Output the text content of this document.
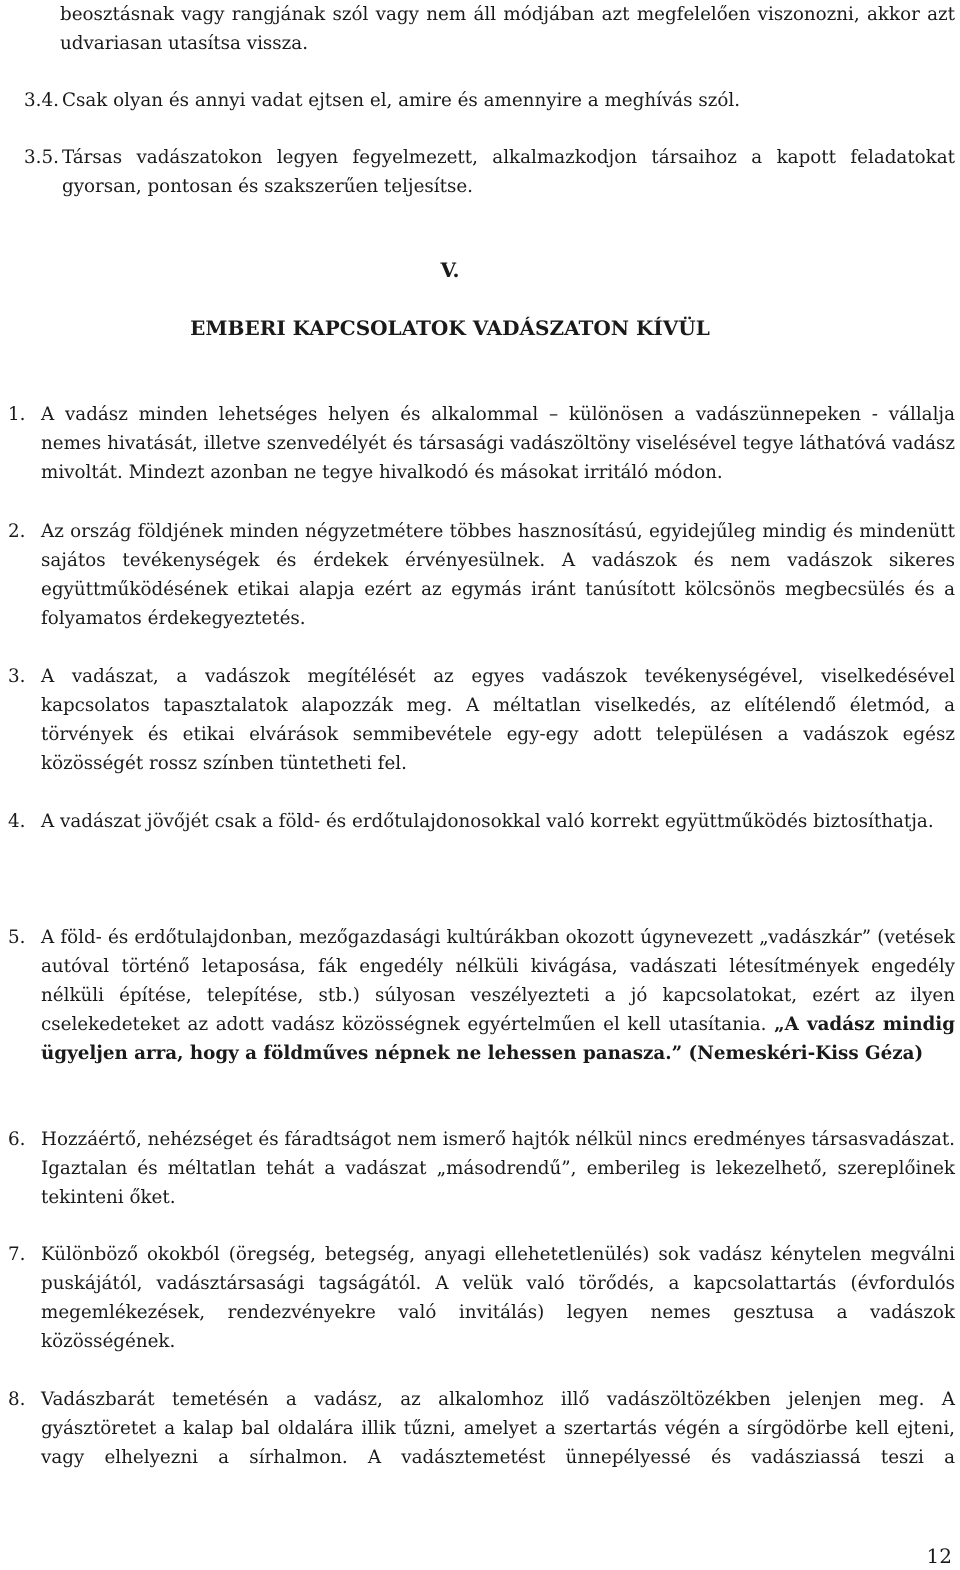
beosztásnak vagy rangjának szól vagy nem áll módjában azt megfelelően viszonozni, akkor azt udvariasan utasítsa vissza.

3.4. Csak olyan és annyi vadat ejtsen el, amire és amennyire a meghívás szól.

3.5. Társas vadászatokon legyen fegyelmezett, alkalmazkodjon társaihoz a kapott feladatokat gyorsan, pontosan és szakszerűen teljesítse.

V.
EMBERI KAPCSOLATOK VADÁSZATON KÍVÜL

1. A vadász minden lehetséges helyen és alkalommal – különösen a vadászünnepeken - vállalja nemes hivatását, illetve szenvedélyét és társasági vadászöltöny viselésével tegye láthatóvá vadász mivoltát. Mindezt azonban ne tegye hivalkodó és másokat irritáló módon.

2. Az ország földjének minden négyzetmétere többes hasznosítású, egyidejűleg mindig és mindenütt sajátos tevékenységek és érdekek érvényesülnek. A vadászok és nem vadászok sikeres együttműködésének etikai alapja ezért az egymás iránt tanúsított kölcsönös megbecsülés és a folyamatos érdekegyeztetés.

3. A vadászat, a vadászok megítélését az egyes vadászok tevékenységével, viselkedésével kapcsolatos tapasztalatok alapozzák meg. A méltatlan viselkedés, az elítélendő életmód, a törvények és etikai elvárások semmibevétele egy-egy adott településen a vadászok egész közösségét rossz színben tüntetheti fel.

4. A vadászat jövőjét csak a föld- és erdőtulajdonosokkal való korrekt együttműködés biztosíthatja.

5. A föld- és erdőtulajdonban, mezőgazdasági kultúrákban okozott úgynevezett „vadászkár” (vetések autóval történő letaposása, fák engedély nélküli kivágása, vadászati létesítmények engedély nélküli építése, telepítése, stb.) súlyosan veszélyezteti a jó kapcsolatokat, ezért az ilyen cselekedeteket az adott vadász közösségnek egyértelműen el kell utasítania. „A vadász mindig ügyeljen arra, hogy a földműves népnek ne lehessen panasza.” (Nemeskéri-Kiss Géza)

6. Hozzáértő, nehézséget és fáradtságot nem ismerő hajtók nélkül nincs eredményes társasvadászat. Igaztalan és méltatlan tehát a vadászat „másodrendű”, emberileg is lekezelhető, szereplőinek tekinteni őket.

7. Különböző okokból (öregség, betegség, anyagi ellehetetlenülés) sok vadász kénytelen megválni puskájától, vadásztársasági tagságától. A velük való törődés, a kapcsolattartás (évfordulós megemlékezések, rendezvényekre való invitálás) legyen nemes gesztusa a vadászok közösségének.

8. Vadászbarát temetésén a vadász, az alkalomhoz illő vadászöltözékben jelenjen meg. A gyásztöretet a kalap bal oldalára illik tűzni, amelyet a szertartás végén a sírgödörbe kell ejteni, vagy elhelyezni a sírhalmon. A vadásztemetést ünnepélyessé és vadásziassá teszi a

12
